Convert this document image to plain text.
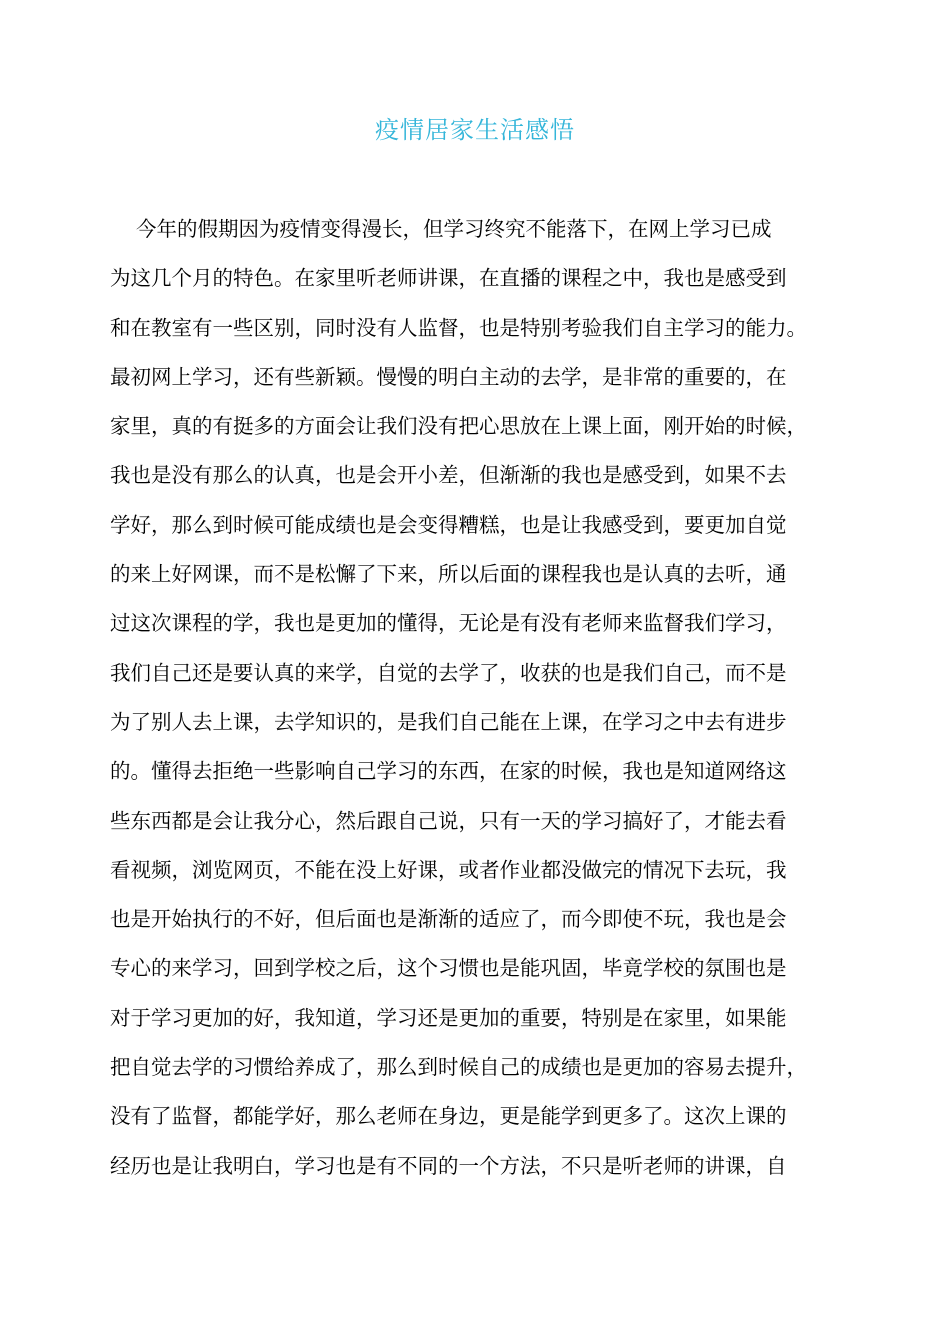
疫情居家生活感悟
今年的假期因为疫情变得漫长，但学习终究不能落下，在网上学习已成
为这几个月的特色。在家里听老师讲课，在直播的课程之中，我也是感受到
和在教室有一些区别，同时没有人监督，也是特别考验我们自主学习的能力。
最初网上学习，还有些新颖。慢慢的明白主动的去学，是非常的重要的，在
家里，真的有挺多的方面会让我们没有把心思放在上课上面，刚开始的时候，
我也是没有那么的认真，也是会开小差，但渐渐的我也是感受到，如果不去
学好，那么到时候可能成绩也是会变得糟糕，也是让我感受到，要更加自觉
的来上好网课，而不是松懈了下来，所以后面的课程我也是认真的去听，通
过这次课程的学，我也是更加的懂得，无论是有没有老师来监督我们学习，
我们自己还是要认真的来学，自觉的去学了，收获的也是我们自己，而不是
为了别人去上课，去学知识的，是我们自己能在上课，在学习之中去有进步
的。懂得去拒绝一些影响自己学习的东西，在家的时候，我也是知道网络这
些东西都是会让我分心，然后跟自己说，只有一天的学习搞好了，才能去看
看视频，浏览网页，不能在没上好课，或者作业都没做完的情况下去玩，我
也是开始执行的不好，但后面也是渐渐的适应了，而今即使不玩，我也是会
专心的来学习，回到学校之后，这个习惯也是能巩固，毕竟学校的氛围也是
对于学习更加的好，我知道，学习还是更加的重要，特别是在家里，如果能
把自觉去学的习惯给养成了，那么到时候自己的成绩也是更加的容易去提升，
没有了监督，都能学好，那么老师在身边，更是能学到更多了。这次上课的
经历也是让我明白，学习也是有不同的一个方法，不只是听老师的讲课，自
